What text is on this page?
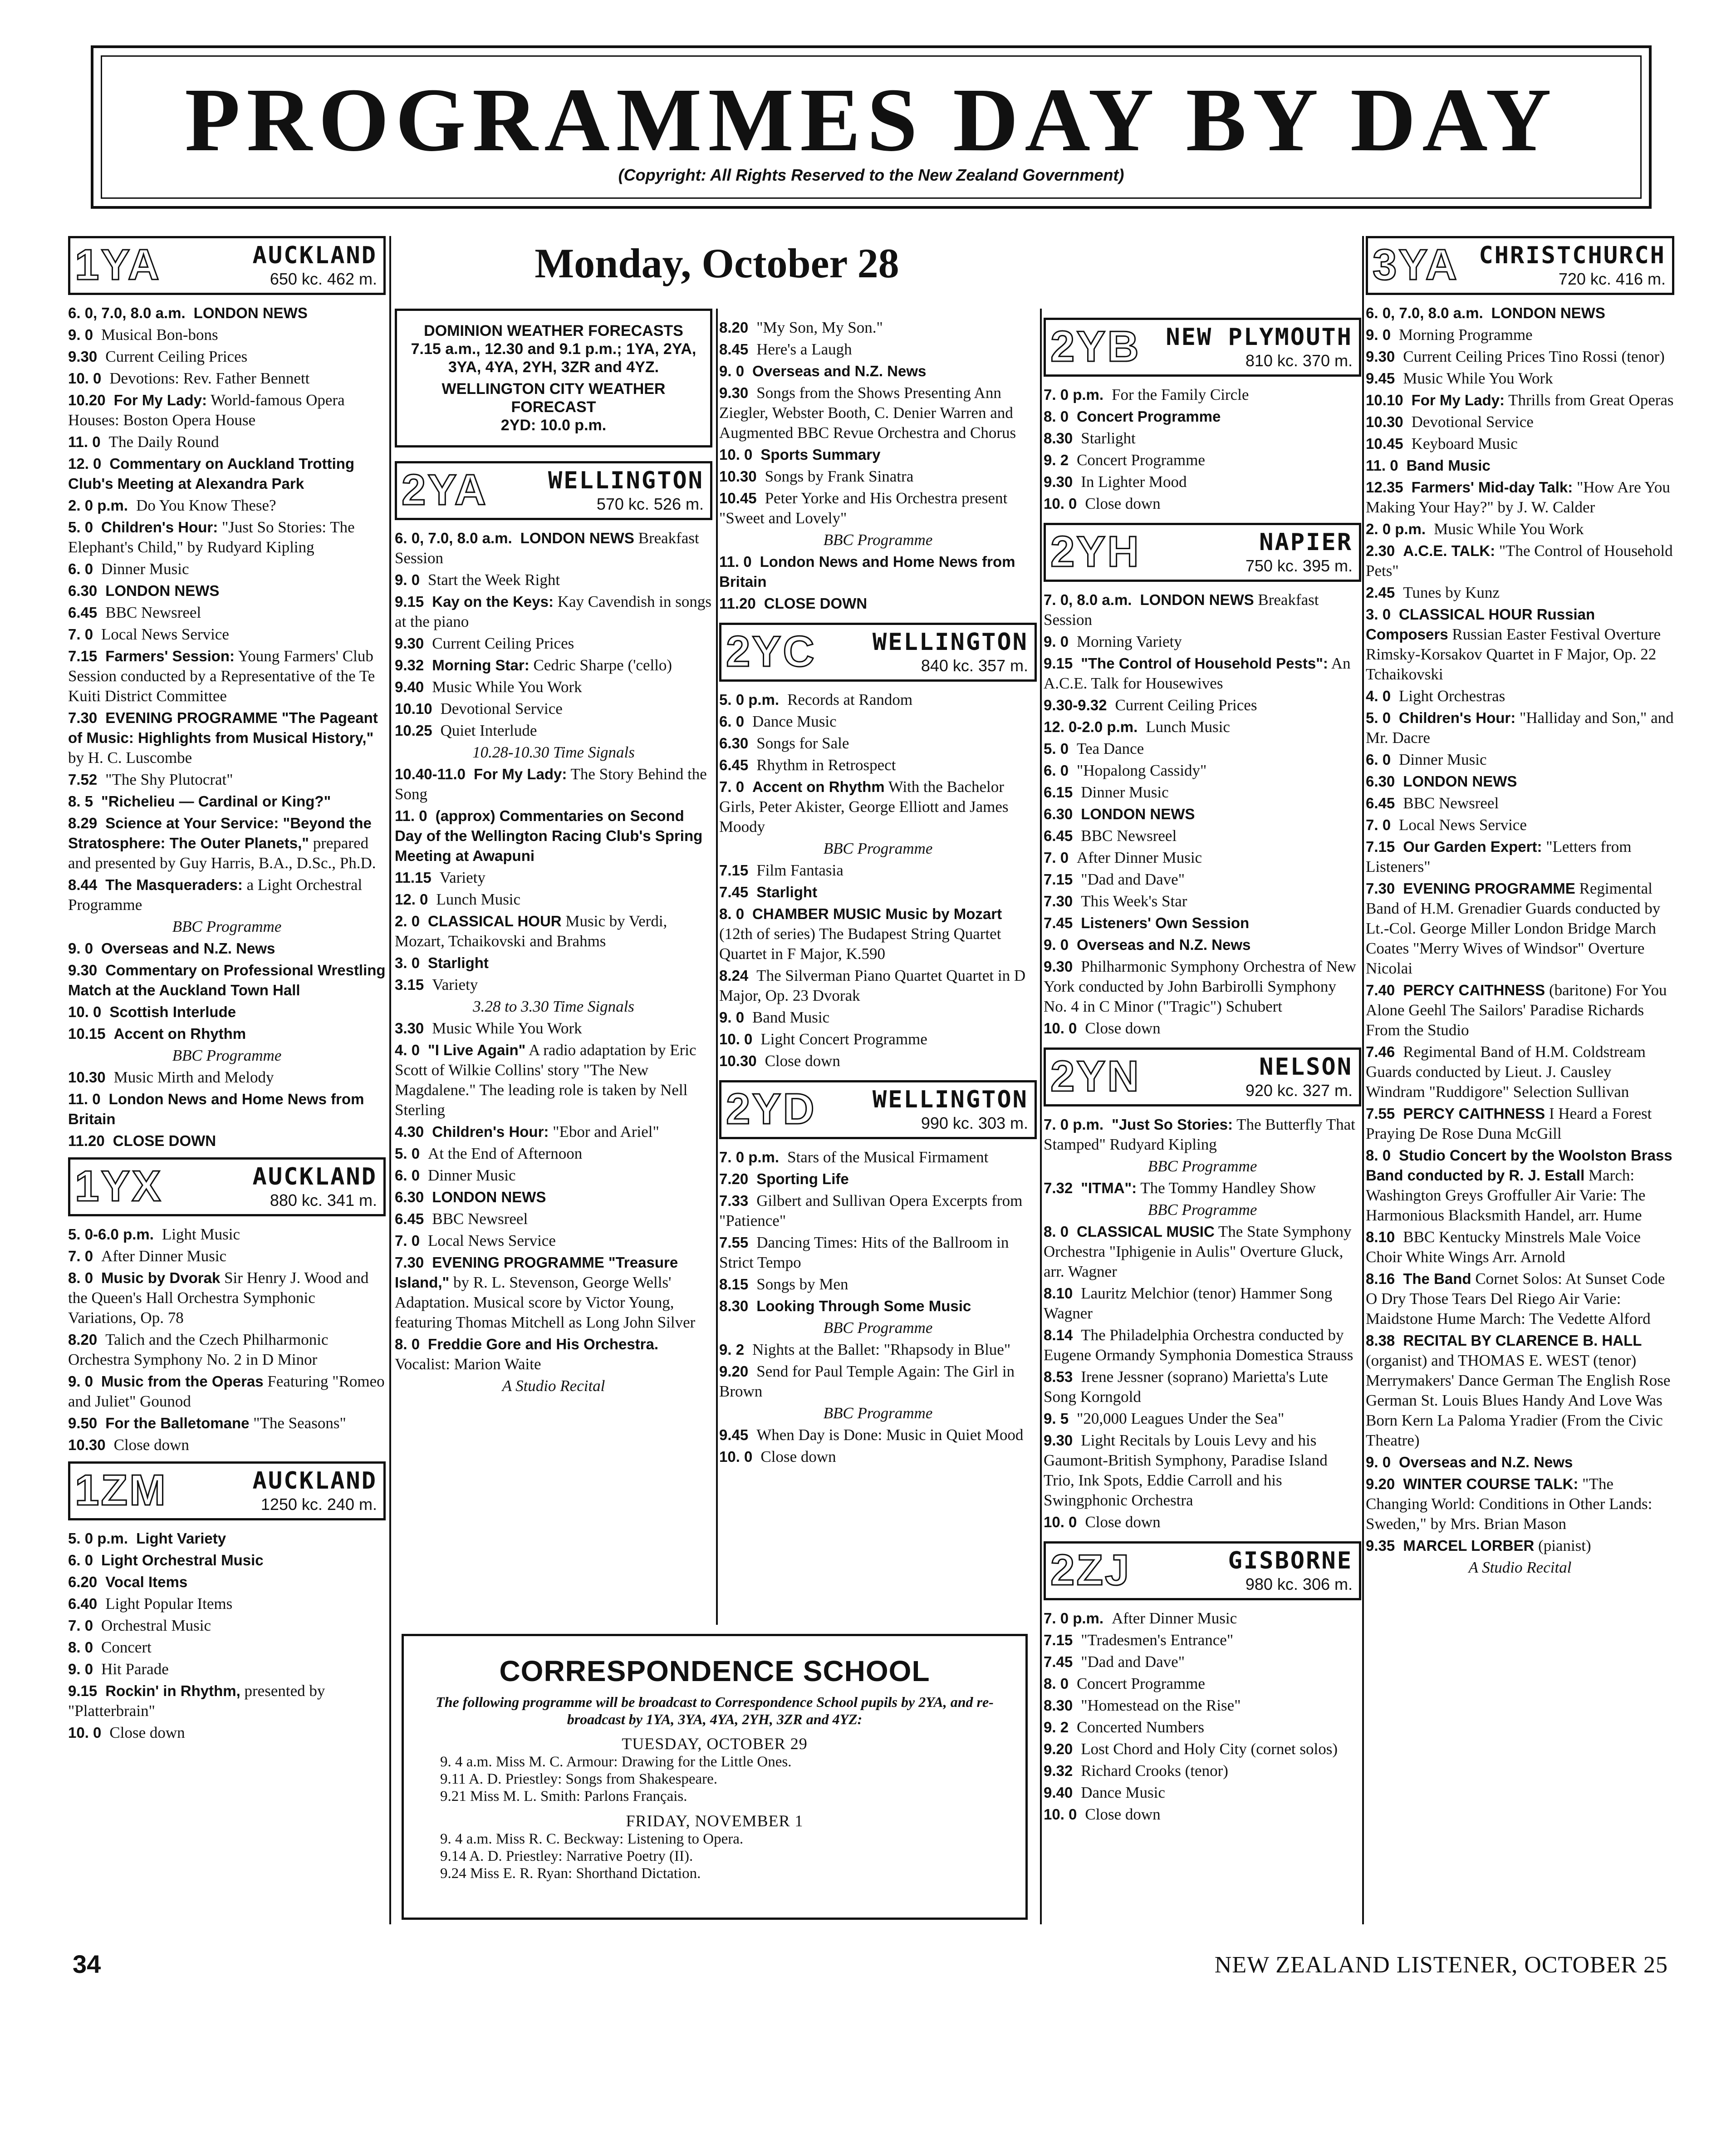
PROGRAMMES DAY BY DAY
(Copyright: All Rights Reserved to the New Zealand Government)
Monday, October 28
1YA	AUCKLAND
650 kc. 462 m.
6. 0, 7.0, 8.0 a.m. LONDON NEWS
9. 0 Musical Bon-bons
9.30 Current Ceiling Prices
10. 0 Devotions: Rev. Father Bennett
10.20 For My Lady: World-famous Opera Houses: Boston Opera House
11. 0 The Daily Round
12. 0 Commentary on Auckland Trotting Club's Meeting at Alexandra Park
2. 0 p.m. Do You Know These?
5. 0 Children's Hour: "Just So Stories: The Elephant's Child," by Rudyard Kipling
6. 0 Dinner Music
6.30 LONDON NEWS
6.45 BBC Newsreel
7. 0 Local News Service
7.15 Farmers' Session: Young Farmers' Club Session conducted by a Representative of the Te Kuiti District Committee
7.30 EVENING PROGRAMME "The Pageant of Music: Highlights from Musical History," by H. C. Luscombe
7.52 "The Shy Plutocrat"
8. 5 "Richelieu — Cardinal or King?"
8.29 Science at Your Service: "Beyond the Stratosphere: The Outer Planets," prepared and presented by Guy Harris, B.A., D.Sc., Ph.D.
8.44 The Masqueraders: a Light Orchestral Programme
BBC Programme
9. 0 Overseas and N.Z. News
9.30 Commentary on Professional Wrestling Match at the Auckland Town Hall
10. 0 Scottish Interlude
10.15 Accent on Rhythm
BBC Programme
10.30 Music Mirth and Melody
11. 0 London News and Home News from Britain
11.20 CLOSE DOWN
1YX	AUCKLAND
880 kc. 341 m.
5. 0-6.0 p.m. Light Music
7. 0 After Dinner Music
8. 0 Music by Dvorak Sir Henry J. Wood and the Queen's Hall Orchestra Symphonic Variations, Op. 78
8.20 Talich and the Czech Philharmonic Orchestra Symphony No. 2 in D Minor
9. 0 Music from the Operas Featuring "Romeo and Juliet" Gounod
9.50 For the Balletomane "The Seasons"
10.30 Close down
1ZM	AUCKLAND
1250 kc. 240 m.
5. 0 p.m. Light Variety
6. 0 Light Orchestral Music
6.20 Vocal Items
6.40 Light Popular Items
7. 0 Orchestral Music
8. 0 Concert
9. 0 Hit Parade
9.15 Rockin' in Rhythm, presented by "Platterbrain"
10. 0 Close down
DOMINION WEATHER FORECASTS
7.15 a.m., 12.30 and 9.1 p.m.; 1YA, 2YA, 3YA, 4YA, 2YH, 3ZR and 4YZ.
WELLINGTON CITY WEATHER FORECAST
2YD: 10.0 p.m.
2YA	WELLINGTON
570 kc. 526 m.
6. 0, 7.0, 8.0 a.m. LONDON NEWS Breakfast Session
9. 0 Start the Week Right
9.15 Kay on the Keys: Kay Cavendish in songs at the piano
9.30 Current Ceiling Prices
9.32 Morning Star: Cedric Sharpe ('cello)
9.40 Music While You Work
10.10 Devotional Service
10.25 Quiet Interlude
10.28-10.30 Time Signals
10.40-11.0 For My Lady: The Story Behind the Song
11. 0 (approx) Commentaries on Second Day of the Wellington Racing Club's Spring Meeting at Awapuni
11.15 Variety
12. 0 Lunch Music
2. 0 CLASSICAL HOUR Music by Verdi, Mozart, Tchaikovski and Brahms
3. 0 Starlight
3.15 Variety
3.28 to 3.30 Time Signals
3.30 Music While You Work
4. 0 "I Live Again" A radio adaptation by Eric Scott of Wilkie Collins' story "The New Magdalene." The leading role is taken by Nell Sterling
4.30 Children's Hour: "Ebor and Ariel"
5. 0 At the End of Afternoon
6. 0 Dinner Music
6.30 LONDON NEWS
6.45 BBC Newsreel
7. 0 Local News Service
7.30 EVENING PROGRAMME "Treasure Island," by R. L. Stevenson, George Wells' Adaptation. Musical score by Victor Young, featuring Thomas Mitchell as Long John Silver
8. 0 Freddie Gore and His Orchestra. Vocalist: Marion Waite
A Studio Recital
8.20 "My Son, My Son."
8.45 Here's a Laugh
9. 0 Overseas and N.Z. News
9.30 Songs from the Shows Presenting Ann Ziegler, Webster Booth, C. Denier Warren and Augmented BBC Revue Orchestra and Chorus
10. 0 Sports Summary
10.30 Songs by Frank Sinatra
10.45 Peter Yorke and His Orchestra present "Sweet and Lovely"
BBC Programme
11. 0 London News and Home News from Britain
11.20 CLOSE DOWN
2YC WELLINGTON
840 kc. 357 m.
5. 0 p.m. Records at Random
6. 0 Dance Music
6.30 Songs for Sale
6.45 Rhythm in Retrospect
7. 0 Accent on Rhythm With the Bachelor Girls, Peter Akister, George Elliott and James Moody
BBC Programme
7.15 Film Fantasia
7.45 Starlight
8. 0 CHAMBER MUSIC Music by Mozart (12th of series) The Budapest String Quartet Quartet in F Major, K.590
8.24 The Silverman Piano Quartet Quartet in D Major, Op. 23 Dvorak
9. 0 Band Music
10. 0 Light Concert Programme
10.30 Close down
2YD WELLINGTON
990 kc. 303 m.
7. 0 p.m. Stars of the Musical Firmament
7.20 Sporting Life
7.33 Gilbert and Sullivan Opera Excerpts from "Patience"
7.55 Dancing Times: Hits of the Ballroom in Strict Tempo
8.15 Songs by Men
8.30 Looking Through Some Music
BBC Programme
9. 2 Nights at the Ballet: "Rhapsody in Blue"
9.20 Send for Paul Temple Again: The Girl in Brown
BBC Programme
9.45 When Day is Done: Music in Quiet Mood
10. 0 Close down
2YB NEW PLYMOUTH
810 kc. 370 m.
7. 0 p.m. For the Family Circle
8. 0 Concert Programme
8.30 Starlight
9. 2 Concert Programme
9.30 In Lighter Mood
10. 0 Close down
2YH	NAPIER
750 kc. 395 m.
7. 0, 8.0 a.m. LONDON NEWS Breakfast Session
9. 0 Morning Variety
9.15 "The Control of Household Pests": An A.C.E. Talk for Housewives
9.30-9.32 Current Ceiling Prices
12. 0-2.0 p.m. Lunch Music
5. 0 Tea Dance
6. 0 "Hopalong Cassidy"
6.15 Dinner Music
6.30 LONDON NEWS
6.45 BBC Newsreel
7. 0 After Dinner Music
7.15 "Dad and Dave"
7.30 This Week's Star
7.45 Listeners' Own Session
9. 0 Overseas and N.Z. News
9.30 Philharmonic Symphony Orchestra of New York conducted by John Barbirolli Symphony No. 4 in C Minor ("Tragic") Schubert
10. 0 Close down
2YN	NELSON
920 kc. 327 m.
7. 0 p.m. "Just So Stories: The Butterfly That Stamped" Rudyard Kipling
BBC Programme
7.32 "ITMA": The Tommy Handley Show
BBC Programme
8. 0 CLASSICAL MUSIC The State Symphony Orchestra "Iphigenie in Aulis" Overture Gluck, arr. Wagner
8.10 Lauritz Melchior (tenor) Hammer Song Wagner
8.14 The Philadelphia Orchestra conducted by Eugene Ormandy Symphonia Domestica Strauss
8.53 Irene Jessner (soprano) Marietta's Lute Song Korngold
9. 5 "20,000 Leagues Under the Sea"
9.30 Light Recitals by Louis Levy and his Gaumont-British Symphony, Paradise Island Trio, Ink Spots, Eddie Carroll and his Swingphonic Orchestra
10. 0 Close down
2ZJ	GISBORNE
980 kc. 306 m.
7. 0 p.m. After Dinner Music
7.15 "Tradesmen's Entrance"
7.45 "Dad and Dave"
8. 0 Concert Programme
8.30 "Homestead on the Rise"
9. 2 Concerted Numbers
9.20 Lost Chord and Holy City (cornet solos)
9.32 Richard Crooks (tenor)
9.40 Dance Music
10. 0 Close down
3YA CHRISTCHURCH
720 kc. 416 m.
6. 0, 7.0, 8.0 a.m. LONDON NEWS
9. 0 Morning Programme
9.30 Current Ceiling Prices Tino Rossi (tenor)
9.45 Music While You Work
10.10 For My Lady: Thrills from Great Operas
10.30 Devotional Service
10.45 Keyboard Music
11. 0 Band Music
12.35 Farmers' Mid-day Talk: "How Are You Making Your Hay?" by J. W. Calder
2. 0 p.m. Music While You Work
2.30 A.C.E. TALK: "The Control of Household Pets"
2.45 Tunes by Kunz
3. 0 CLASSICAL HOUR Russian Composers Russian Easter Festival Overture Rimsky-Korsakov Quartet in F Major, Op. 22 Tchaikovski
4. 0 Light Orchestras
5. 0 Children's Hour: "Halliday and Son," and Mr. Dacre
6. 0 Dinner Music
6.30 LONDON NEWS
6.45 BBC Newsreel
7. 0 Local News Service
7.15 Our Garden Expert: "Letters from Listeners"
7.30 EVENING PROGRAMME Regimental Band of H.M. Grenadier Guards conducted by Lt.-Col. George Miller London Bridge March Coates "Merry Wives of Windsor" Overture Nicolai
7.40 PERCY CAITHNESS (baritone) For You Alone Geehl The Sailors' Paradise Richards From the Studio
7.46 Regimental Band of H.M. Coldstream Guards conducted by Lieut. J. Causley Windram "Ruddigore" Selection Sullivan
7.55 PERCY CAITHNESS I Heard a Forest Praying De Rose Duna McGill
8. 0 Studio Concert by the Woolston Brass Band conducted by R. J. Estall March: Washington Greys Groffuller Air Varie: The Harmonious Blacksmith Handel, arr. Hume
8.10 BBC Kentucky Minstrels Male Voice Choir White Wings Arr. Arnold
8.16 The Band Cornet Solos: At Sunset Code O Dry Those Tears Del Riego Air Varie: Maidstone Hume March: The Vedette Alford
8.38 RECITAL BY CLARENCE B. HALL (organist) and THOMAS E. WEST (tenor) Merrymakers' Dance German The English Rose German St. Louis Blues Handy And Love Was Born Kern La Paloma Yradier (From the Civic Theatre)
9. 0 Overseas and N.Z. News
9.20 WINTER COURSE TALK: "The Changing World: Conditions in Other Lands: Sweden," by Mrs. Brian Mason
9.35 MARCEL LORBER (pianist)
A Studio Recital
CORRESPONDENCE SCHOOL

The following programme will be broadcast to Correspondence School pupils by 2YA, and re-broadcast by 1YA, 3YA, 4YA, 2YH, 3ZR and 4YZ:

TUESDAY, OCTOBER 29
9. 4 a.m. Miss M. C. Armour: Drawing for the Little Ones.
9.11 A. D. Priestley: Songs from Shakespeare.
9.21 Miss M. L. Smith: Parlons Français.
FRIDAY, NOVEMBER 1
9. 4 a.m. Miss R. C. Beckway: Listening to Opera.
9.14 A. D. Priestley: Narrative Poetry (II).
9.24 Miss E. R. Ryan: Shorthand Dictation.
34	NEW ZEALAND LISTENER, OCTOBER 25
